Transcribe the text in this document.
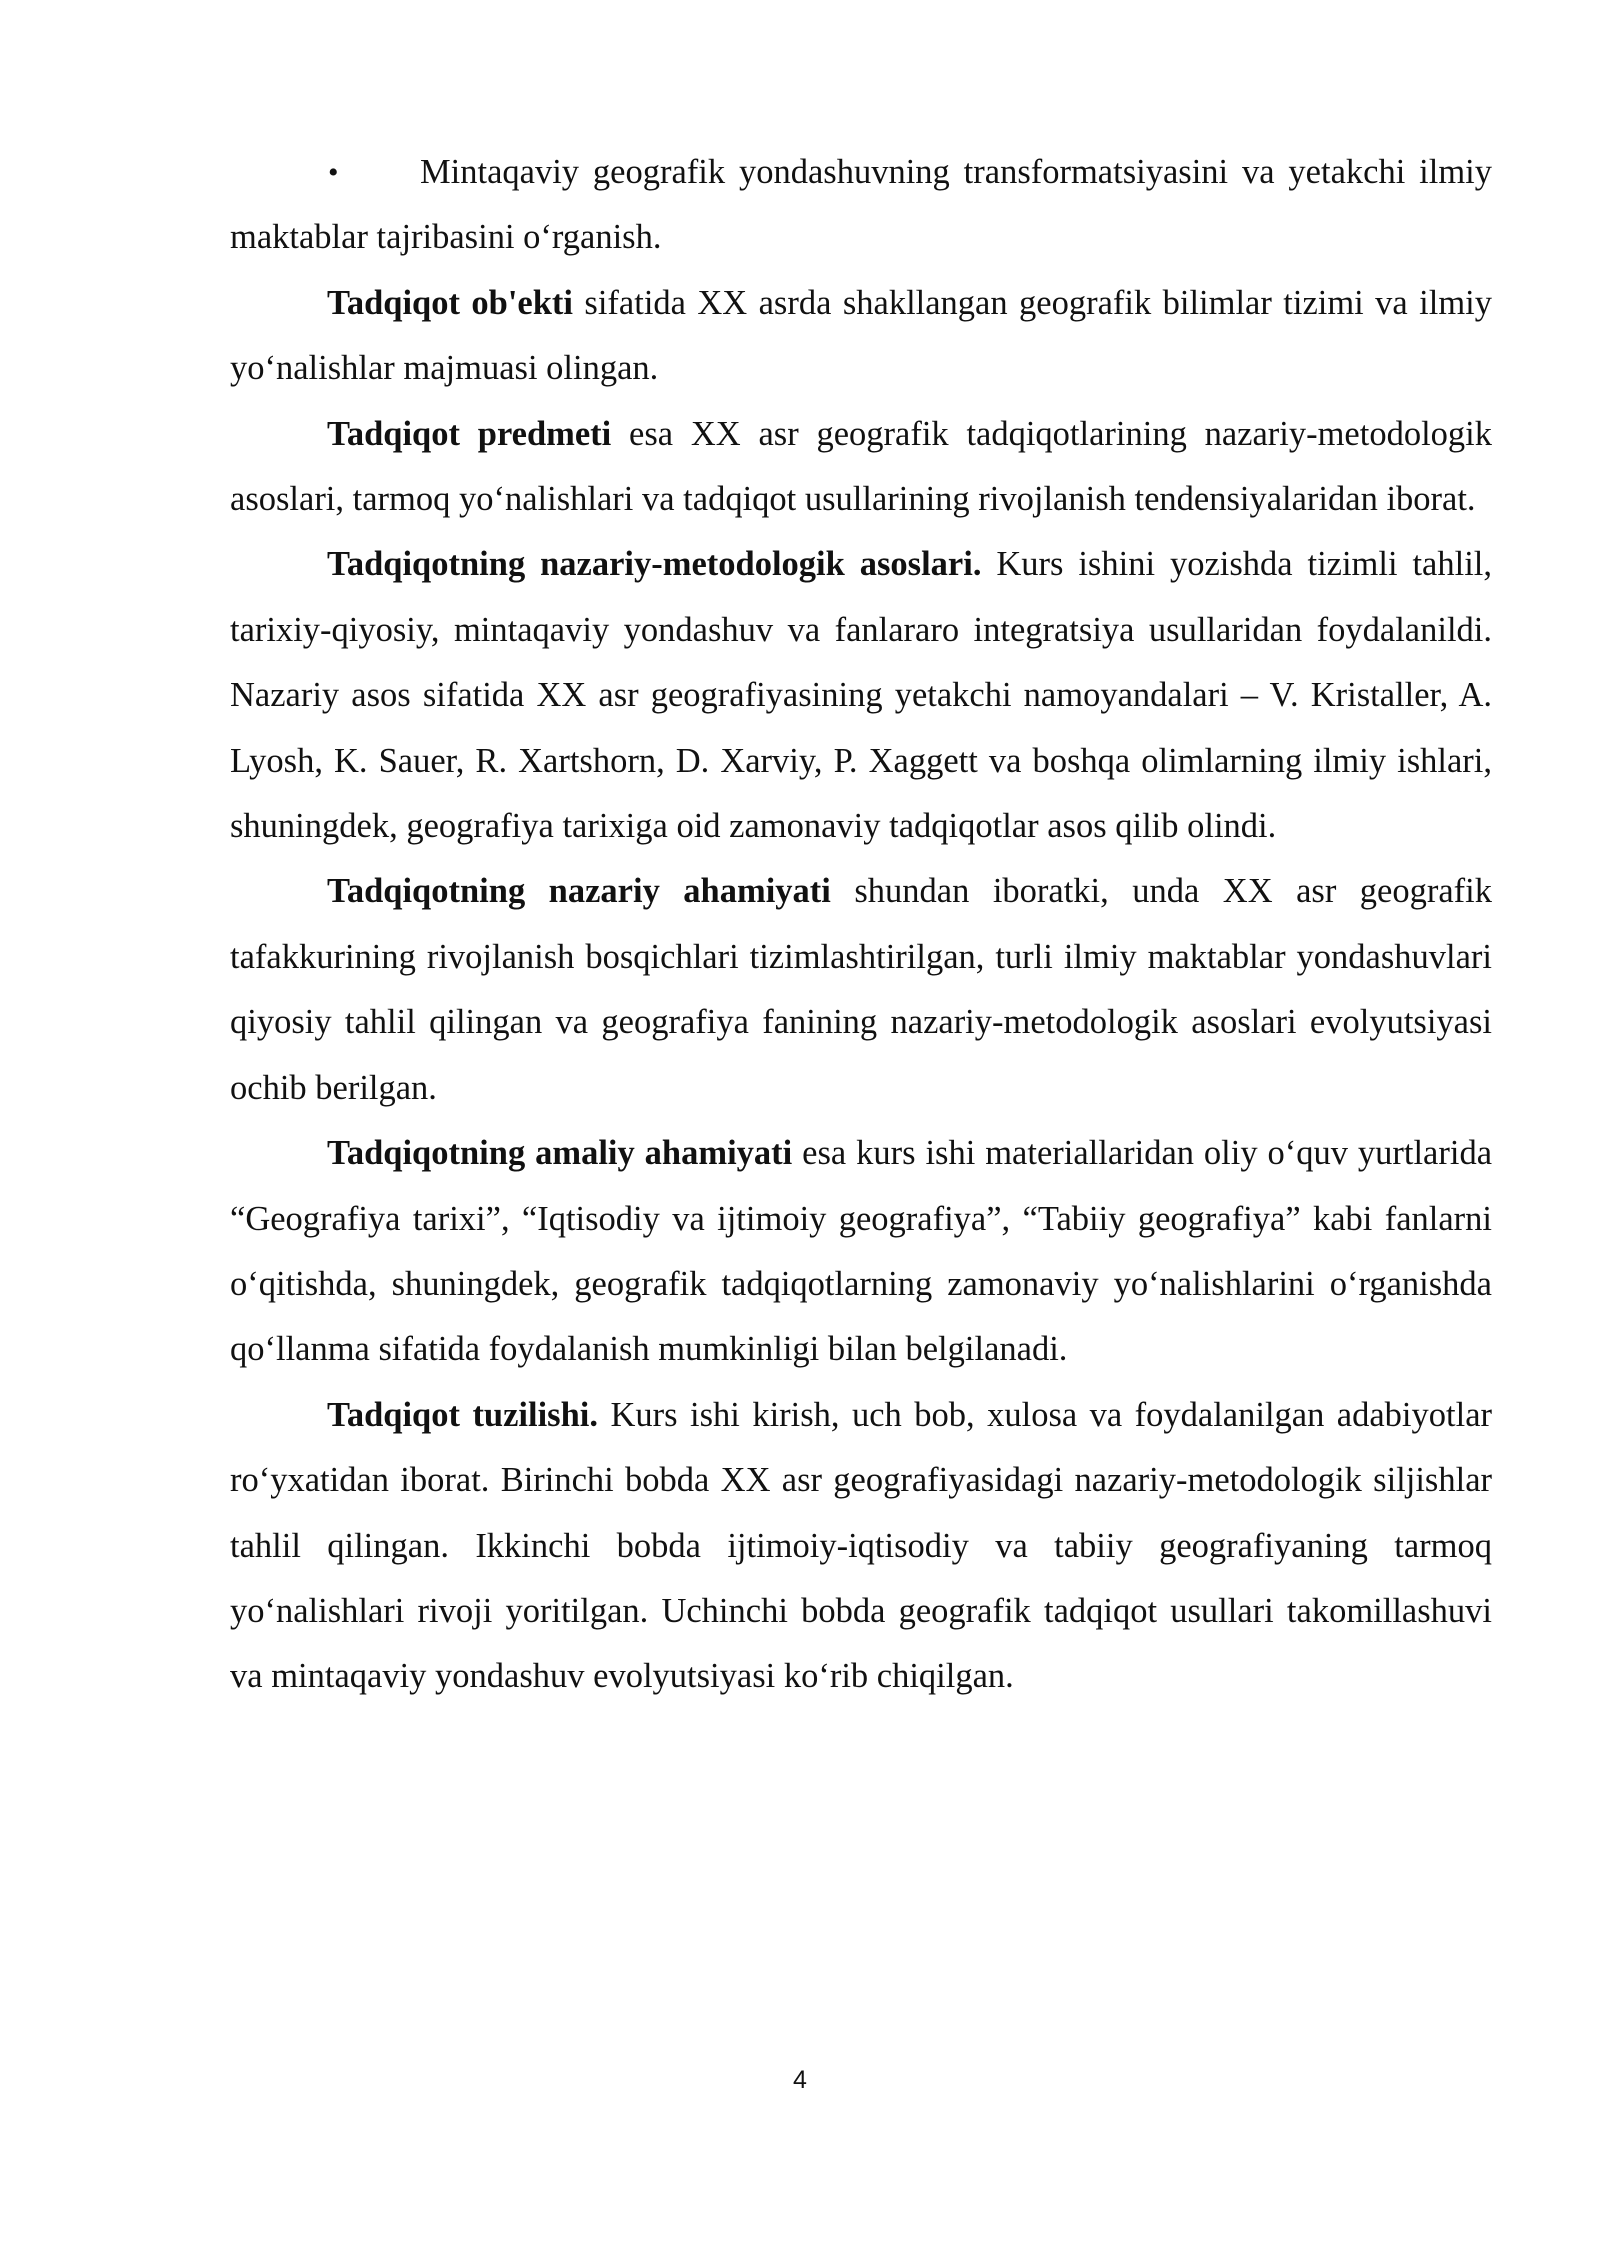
•	Mintaqaviy geografik yondashuvning transformatsiyasini va yetakchi ilmiy maktablar tajribasini o‘rganish.

Tadqiqot ob'ekti sifatida XX asrda shakllangan geografik bilimlar tizimi va ilmiy yo‘nalishlar majmuasi olingan.

Tadqiqot predmeti esa XX asr geografik tadqiqotlarining nazariy-metodologik asoslari, tarmoq yo‘nalishlari va tadqiqot usullarining rivojlanish tendensiyalaridan iborat.

Tadqiqotning nazariy-metodologik asoslari. Kurs ishini yozishda tizimli tahlil, tarixiy-qiyosiy, mintaqaviy yondashuv va fanlararo integratsiya usullaridan foydalanildi. Nazariy asos sifatida XX asr geografiyasining yetakchi namoyandalari – V. Kristaller, A. Lyosh, K. Sauer, R. Xartshorn, D. Xarviy, P. Xaggett va boshqa olimlarning ilmiy ishlari, shuningdek, geografiya tarixiga oid zamonaviy tadqiqotlar asos qilib olindi.

Tadqiqotning nazariy ahamiyati shundan iboratki, unda XX asr geografik tafakkurining rivojlanish bosqichlari tizimlashtirilgan, turli ilmiy maktablar yondashuvlari qiyosiy tahlil qilingan va geografiya fanining nazariy-metodologik asoslari evolyutsiyasi ochib berilgan.

Tadqiqotning amaliy ahamiyati esa kurs ishi materiallaridan oliy o‘quv yurtlarida “Geografiya tarixi”, “Iqtisodiy va ijtimoiy geografiya”, “Tabiiy geografiya” kabi fanlarni o‘qitishda, shuningdek, geografik tadqiqotlarning zamonaviy yo‘nalishlarini o‘rganishda qo‘llanma sifatida foydalanish mumkinligi bilan belgilanadi.

Tadqiqot tuzilishi. Kurs ishi kirish, uch bob, xulosa va foydalanilgan adabiyotlar ro‘yxatidan iborat. Birinchi bobda XX asr geografiyasidagi nazariy-metodologik siljishlar tahlil qilingan. Ikkinchi bobda ijtimoiy-iqtisodiy va tabiiy geografiyaning tarmoq yo‘nalishlari rivoji yoritilgan. Uchinchi bobda geografik tadqiqot usullari takomillashuvi va mintaqaviy yondashuv evolyutsiyasi ko‘rib chiqilgan.

4
